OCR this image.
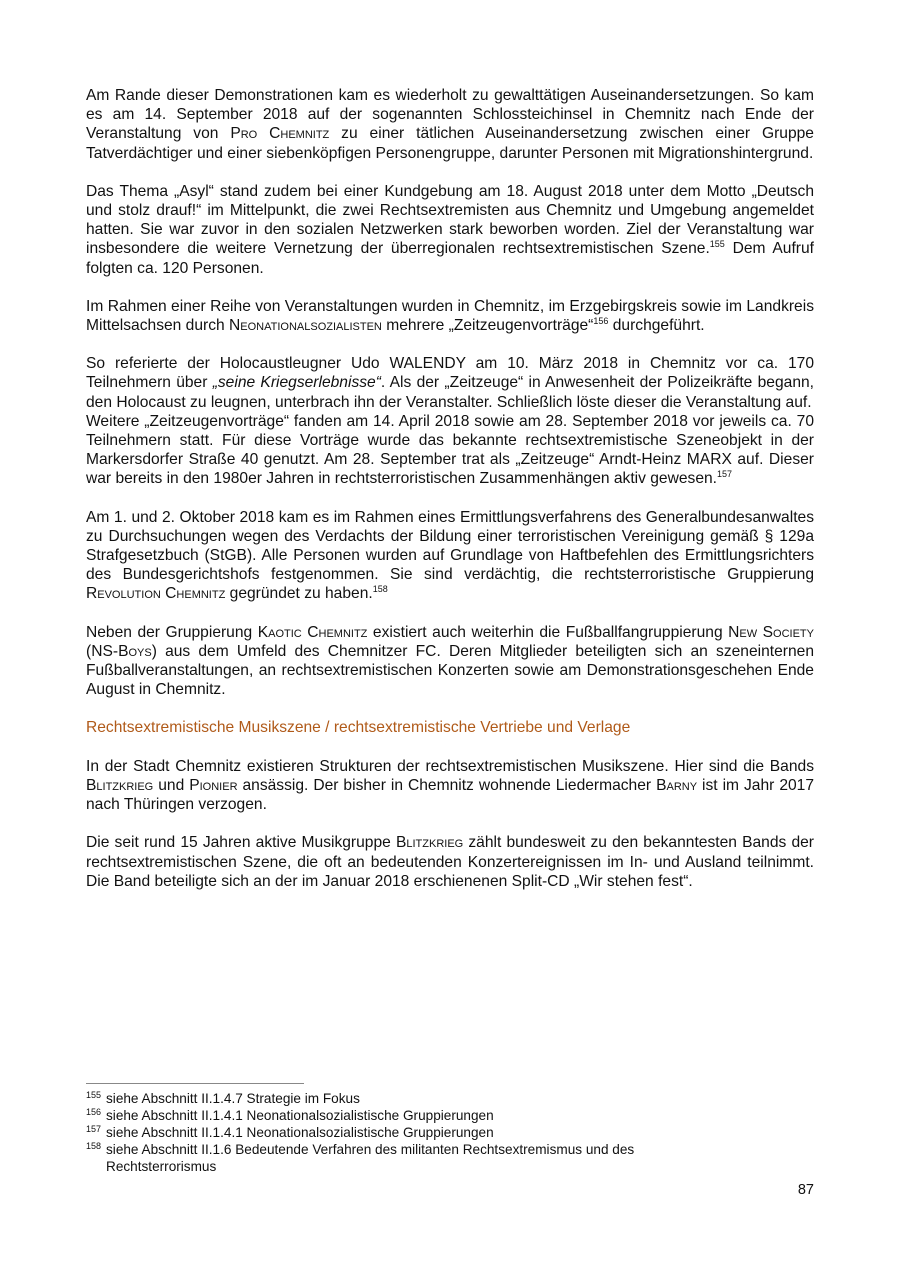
Am Rande dieser Demonstrationen kam es wiederholt zu gewalttätigen Auseinandersetzungen. So kam es am 14. September 2018 auf der sogenannten Schlossteichinsel in Chemnitz nach Ende der Veranstaltung von Pro Chemnitz zu einer tätlichen Auseinandersetzung zwischen einer Gruppe Tatverdächtiger und einer siebenköpfigen Personengruppe, darunter Personen mit Migrationshintergrund.

Das Thema „Asyl“ stand zudem bei einer Kundgebung am 18. August 2018 unter dem Motto „Deutsch und stolz drauf!“ im Mittelpunkt, die zwei Rechtsextremisten aus Chemnitz und Umgebung angemeldet hatten. Sie war zuvor in den sozialen Netzwerken stark beworben worden. Ziel der Veranstaltung war insbesondere die weitere Vernetzung der überregionalen rechtsextremistischen Szene.$^{155}$ Dem Aufruf folgten ca. 120 Personen.

Im Rahmen einer Reihe von Veranstaltungen wurden in Chemnitz, im Erzgebirgskreis sowie im Landkreis Mittelsachsen durch Neonationalsozialisten mehrere „Zeitzeugenvorträge“$^{156}$ durchgeführt.

So referierte der Holocaustleugner Udo WALENDY am 10. März 2018 in Chemnitz vor ca. 170 Teilnehmern über „seine Kriegserlebnisse“. Als der „Zeitzeuge“ in Anwesenheit der Polizeikräfte begann, den Holocaust zu leugnen, unterbrach ihn der Veranstalter. Schließlich löste dieser die Veranstaltung auf.

Weitere „Zeitzeugenvorträge“ fanden am 14. April 2018 sowie am 28. September 2018 vor jeweils ca. 70 Teilnehmern statt. Für diese Vorträge wurde das bekannte rechtsextremistische Szeneobjekt in der Markersdorfer Straße 40 genutzt. Am 28. September trat als „Zeitzeuge“ Arndt-Heinz MARX auf. Dieser war bereits in den 1980er Jahren in rechtsterroristischen Zusammenhängen aktiv gewesen.$^{157}$

Am 1. und 2. Oktober 2018 kam es im Rahmen eines Ermittlungsverfahrens des Generalbundesanwaltes zu Durchsuchungen wegen des Verdachts der Bildung einer terroristischen Vereinigung gemäß § 129a Strafgesetzbuch (StGB). Alle Personen wurden auf Grundlage von Haftbefehlen des Ermittlungsrichters des Bundesgerichtshofs festgenommen. Sie sind verdächtig, die rechtsterroristische Gruppierung Revolution Chemnitz gegründet zu haben.$^{158}$

Neben der Gruppierung Kaotic Chemnitz existiert auch weiterhin die Fußballfangruppierung New Society (NS-Boys) aus dem Umfeld des Chemnitzer FC. Deren Mitglieder beteiligten sich an szeneinternen Fußballveranstaltungen, an rechtsextremistischen Konzerten sowie am Demonstrationsgeschehen Ende August in Chemnitz.

Rechtsextremistische Musikszene / rechtsextremistische Vertriebe und Verlage

In der Stadt Chemnitz existieren Strukturen der rechtsextremistischen Musikszene. Hier sind die Bands Blitzkrieg und Pionier ansässig. Der bisher in Chemnitz wohnende Liedermacher Barny ist im Jahr 2017 nach Thüringen verzogen.

Die seit rund 15 Jahren aktive Musikgruppe Blitzkrieg zählt bundesweit zu den bekanntesten Bands der rechtsextremistischen Szene, die oft an bedeutenden Konzertereignissen im In- und Ausland teilnimmt. Die Band beteiligte sich an der im Januar 2018 erschienenen Split-CD „Wir stehen fest“.

$^{155}$ siehe Abschnitt II.1.4.7 Strategie im Fokus
$^{156}$ siehe Abschnitt II.1.4.1 Neonationalsozialistische Gruppierungen
$^{157}$ siehe Abschnitt II.1.4.1 Neonationalsozialistische Gruppierungen
$^{158}$ siehe Abschnitt II.1.6 Bedeutende Verfahren des militanten Rechtsextremismus und des Rechtsterrorismus
87
